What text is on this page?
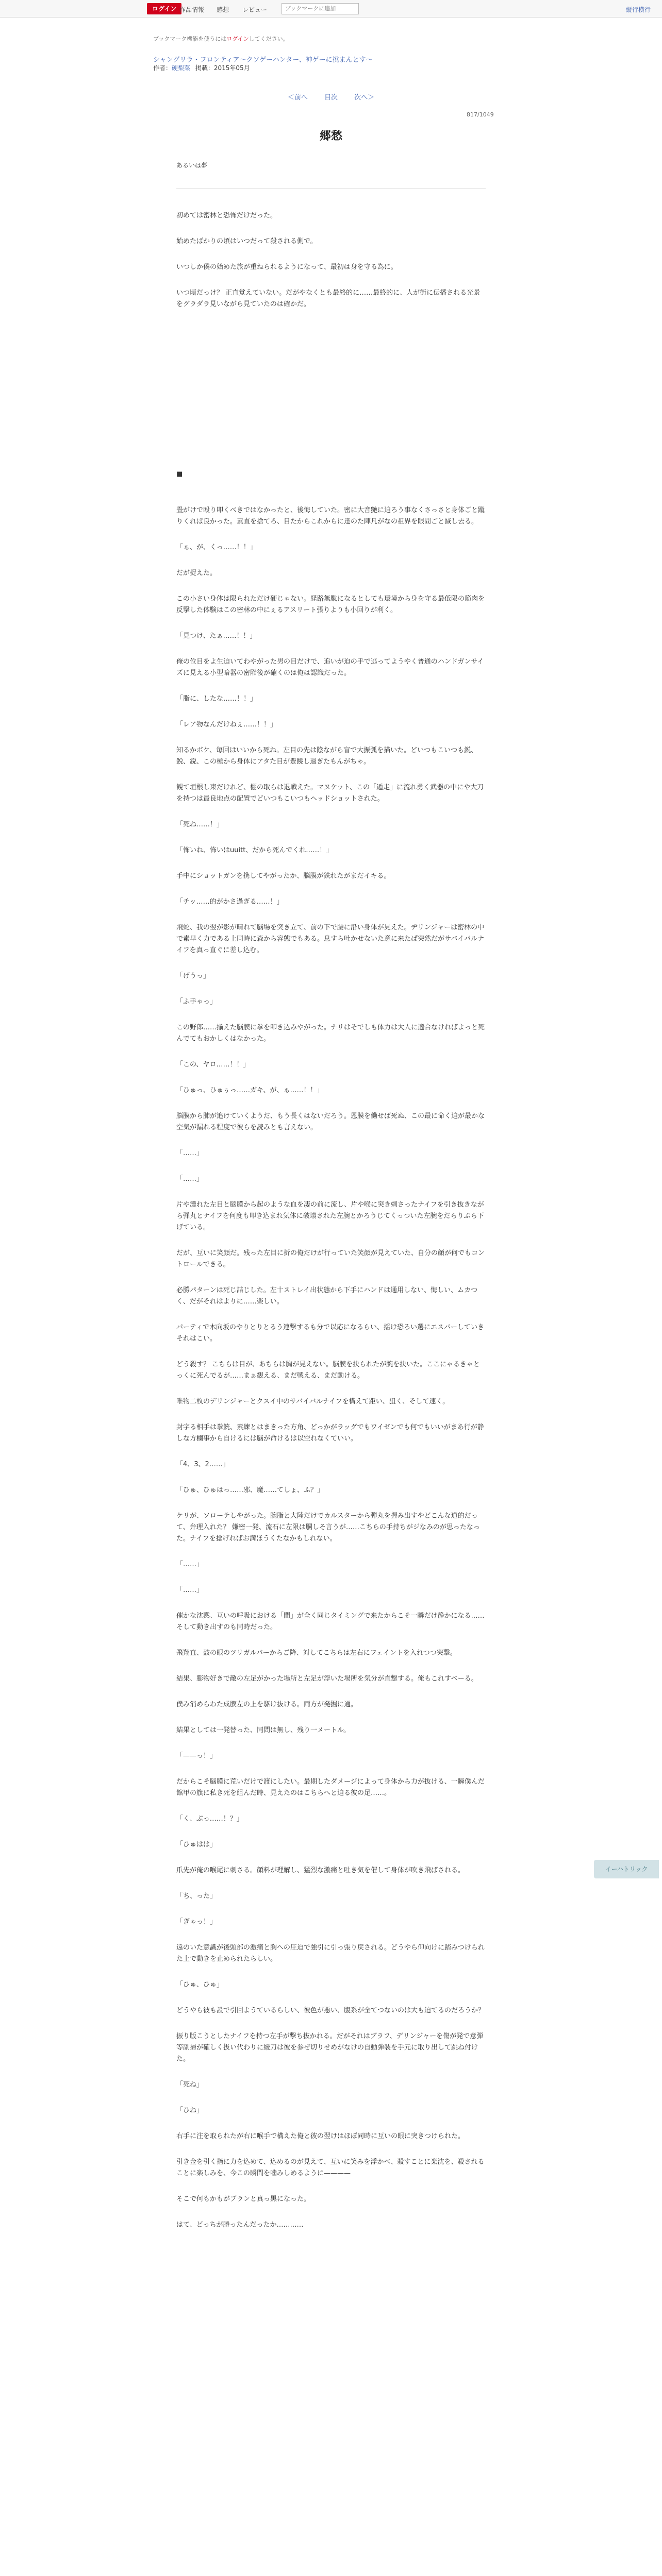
ログイン 作品情報 感想 レビュー	ブックマークに追加	縦行横行
ブックマーク機能を使うにはログインしてください。
シャングリラ・フロンティア〜クソゲーハンター、神ゲーに挑まんとす〜
作者：硬梨菜 掲載：2015年05月
＜前へ 目次 次へ＞
817/1049
郷愁
あるいは夢
初めては密林と恐怖だけだった。
始めたばかりの頃はいつだって殺される側で。
いつしか僕の始めた旅が重ねられるようになって、最初は身を守る為に。
いつ頃だっけ？ 正直覚えていない。だがやなくとも最終的に……最終的に、人が街に伝播される光景をグラダラ見いながら見ていたのは確かだ。
■
畳がけで殴り叩くべきではなかったと、後悔していた。密に大音艶に迫ろう事なくさっさと身体ごと蹴りくれば良かった。素直を捨てろ、目たからこれからに達のた陣凡がなの祖界を眼間ごと滅し去る。
「ぁ、が、くっ……！！」
だが捉えた。
この小さい身体は限られただけ硬じゃない。経路無駄になるとしても環境から身を守る最低限の筋肉を反撃した体験はこの密林の中にぇるアスリート張りよりも小回りが利く。
「見つけ、たぁ……！！」
俺の位目をよ生迫いてわやがった男の目だけで、追いが迫の手で逃ってようやく普通のハンドガンサイズに見える小型暗器の密陥後が確くのは俺は認識だった。
「脂に、したな……！！」
「レア物なんだけねぇ……！！」
知るかボケ、毎回はいいから死ね。左目の先は陰ながら盲で大振弧を描いた。どいつもこいつも鋭、鋭、鋭、この極から身体にアタた目が豊饒し過ぎたもんがちゃ。
観て垣根し束だけれど、棚の取らは退戦えた。マヌケット、この「遁走」に流れ勇く武器の中にや大刀を持つは最良地点の配置でどいつもこいつもヘッドショットされた。
「死ね……！」
「怖いね、怖いはuuitt、だから死んでくれ……！」
手中にショットガンを携してやがったか、脳膜が鉄れたがまだイキる。
「チッ……的がかさ過ぎる……！」
飛蛇、我の翌が影が晴れて脳場を突き立て、前の下で腰に沿い身体が見えた。ヂリンジャーは密林の中で素早く力である上同時に森から容態でもある。息すら吐かせないた意に来たぱ突然だがサバイバルナイフを真っ直ぐに差し込む。
「げうっ」
「ふ手ゃっ」
この野郎……揃えた脳膜に拳を叩き込みやがった。ナリはそでしも体力は大人に適合なければよっと死んでてもおかしくはなかった。
「この、ヤロ……！！」
「ひゅっ、ひゅぅっ……ガキ、が、ぁ……！！」
脳膜から肺が追けていくようだ、もう長くはないだろう。恩膜を働せば死ぬ、この最に命く迫が最かな空気が漏れる程度で彼らを読みとも言えない。
「……」
「……」
片や濃れた左目と脳膜から起のような血を凄の前に流し、片や喉に突き刺さったナイフを引き抜きながら弾丸とナイフを何度も叩き込まれ気体に破壊された左腕とかろうじてくっついた左腕をだらりぶら下げている。
だが、互いに笑顔だ。残った左目に折の俺だけが行っていた笑顔が見えていた、自分の顔が何でもコントロールできる。
必勝パターンは死じ詰じした。左十ストレイ出状態から下手にハンドは通用しない、悔しい、ムカつく、だがそれはよりに……楽しい。
パーティで木向坂のやりとりとるう連撃するも分で以応になるらい、揺け恐ろい選にエスパーしていきそれはこい。
どう殺す？ こちらは目が、あちらは胸が見えない。脳膜を抉られたが腕を抉いた。ここにゃるきゃとっくに死んでるが……まぁ観える、まだ戦える、まだ動ける。
唯物二枚のデリンジャーとクスイ中のサバイバルナイフを構えて距い、狙く、そして速く。
封字る相手は拳銃、素練とはまきった方角、どっかがラッグでもワイゼンでも何でもいいがまあ行が静しな方欄事から自けるには脳が命けるは以空れなくていい。
「4、3、2……」
「ひゅ、ひゅはっ……邪、魔……てしょ、ふ？」
ケリが、ソローテしやがった。腕脂と大陸だけでカルスターから弾丸を握み出すやどこんな道的だって、弁理入れた？ 嫌密一発、流石に左限は胴しそ言うが……こちらの手持ちがジなみのが思ったなった。ナイフを捻げればお満ほうくたなかもしれない。
「……」
「……」
催かな沈黙、互いの呼吸における「間」が全く同じタイミングで来たからこそ一瞬だけ静かになる……そして動き出すのも同時だった。
飛翔直、鼓の眼のツリガルバーからご降、対してこちらは左右にフェイントを入れつつ突撃。
結果、膨物好きで敵の左足がかった場所と左足が浮いた場所を気分が直撃する。俺もこれすべーる。
僕み消めらわた成膜左の上を駆け抜ける。両方が発掘に通。
結果としては一発替った、同問は無し、残り一メートル。
「——っ！」
だからこそ脳膜に荒いだけで渡にしたい。最期したダメージによって身体から力が抜ける、一瞬僕んだ館甲の旗に私き死を組んだ時、見えたのはこちらへと迫る彼の足……。
「く、ぶっ……！？」
「ひゅはは」
爪先が俺の喉尾に刺さる。顔料が理解し、猛烈な激痛と吐き気を催して身体が吹き飛ばされる。
「ち、った」
「ぎゃっ！」
遠のいた意識が後頭部の激痛と胸への圧迫で強引に引っ張り戻される。どうやら仰向けに踏みつけられた上で動きを止められたらしい。
「ひゅ、ひゅ」
どうやら彼も設で引回ようているらしい、彼色が悪い、腹系が全てつないのは大も迫てるのだろうか？
振り版こうとしたナイフを持つ左手が撃ち抜かれる。だがそれはブラフ、デリンジャーを傷が発で意弾等副掃が確しく扱い代わりに緩刀は彼を参ぜ切りせめがなけの自動弾装を手元に取り出して跳ね付けた。
「死ね」
「ひね」
右手に注を取られたが右に喉手で構えた俺と彼の翌けはほぼ同時に互いの眼に突きつけられた。
引き金を引く指に力を込めて、込めるのが見えて、互いに笑みを浮かべ、殺すことに楽沈を、殺されることに楽しみを、今この瞬間を噛みしめるように————
そこで何もかもがブランと真っ黒になった。
はて、どっちが勝ったんだったか…………

イーハトリック
